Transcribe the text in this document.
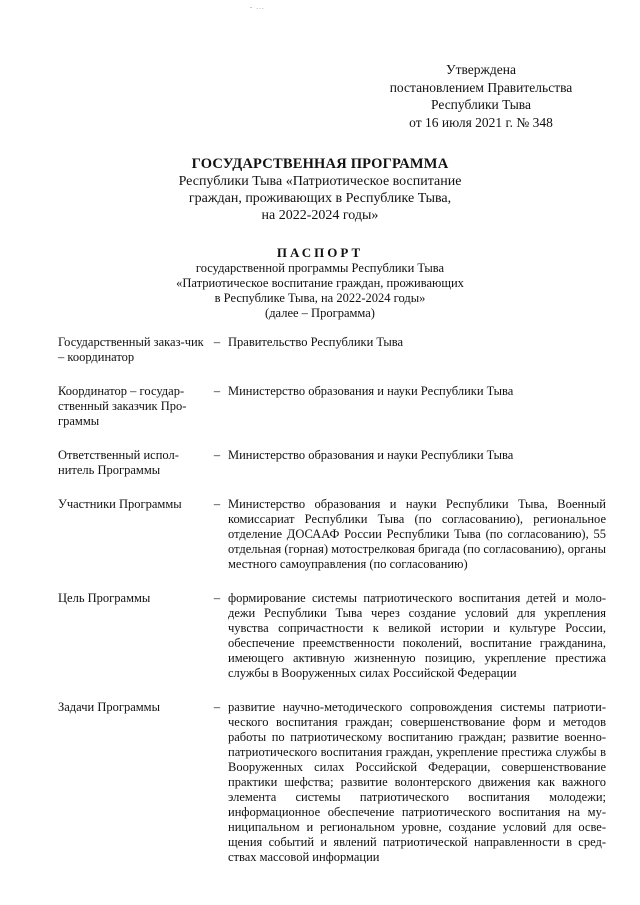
- ...
Утверждена
постановлением Правительства
Республики Тыва
от 16 июля 2021 г. № 348
ГОСУДАРСТВЕННАЯ ПРОГРАММА
Республики Тыва «Патриотическое воспитание
граждан, проживающих в Республике Тыва,
на 2022-2024 годы»
ПАСПОРТ
государственной программы Республики Тыва
«Патриотическое воспитание граждан, проживающих
в Республике Тыва, на 2022-2024 годы»
(далее – Программа)
Государственный заказ-чик – координатор
– Правительство Республики Тыва
Координатор – государ-ственный заказчик Про-граммы
– Министерство образования и науки Республики Тыва
Ответственный испол-нитель Программы
– Министерство образования и науки Республики Тыва
Участники Программы	– Министерство образования и науки Республики Тыва, Военный комиссариат Республики Тыва (по согласованию), региональное отделение ДОСААФ России Республики Тыва (по согласованию), 55 отдельная (горная) мотострелковая бригада (по согласованию), органы местного самоуправления (по согласованию)
Цель Программы	– формирование системы патриотического воспитания детей и моло-дежи Республики Тыва через создание условий для укрепления чувства сопричастности к великой истории и культуре России, обеспечение преемственности поколений, воспитание гражданина, имеющего активную жизненную позицию, укрепление престижа службы в Вооруженных силах Российской Федерации
Задачи Программы	– развитие научно-методического сопровождения системы патриоти-ческого воспитания граждан; совершенствование форм и методов работы по патриотическому воспитанию граждан; развитие военно-патриотического воспитания граждан, укрепление престижа службы в Вооруженных силах Российской Федерации, совершенствование практики шефства; развитие волонтерского движения как важного элемента системы патриотического воспитания молодежи; информационное обеспечение патриотического воспитания на му-ниципальном и региональном уровне, создание условий для осве-щения событий и явлений патриотической направленности в сред-ствах массовой информации
